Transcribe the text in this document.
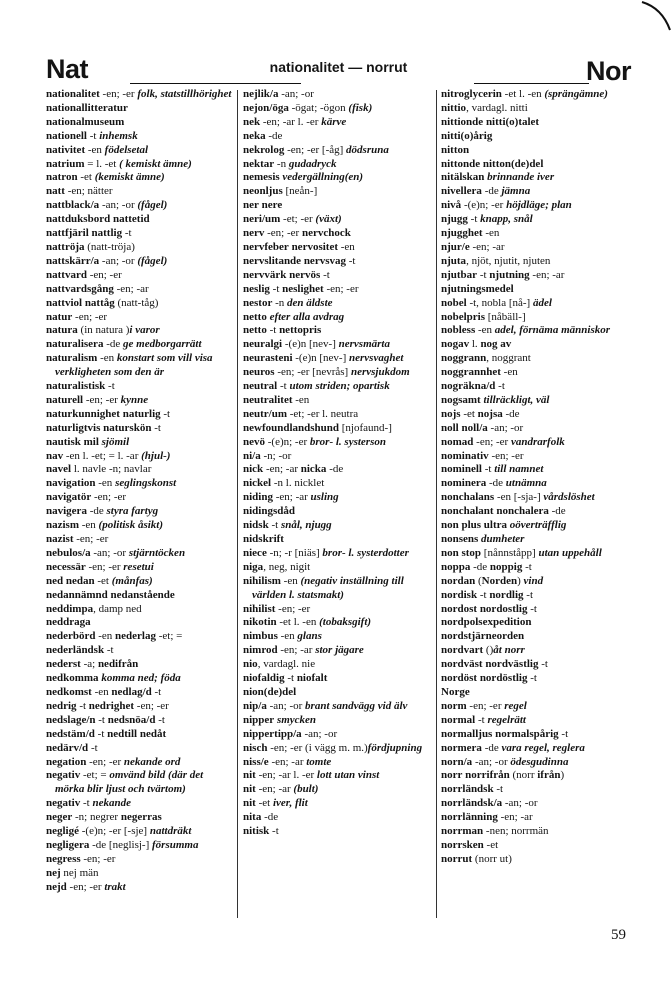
Nat	nationalitet — norrut	Nor
nationalitet -en; -er folk, statstillhörighet
nationallitteratur
nationalmuseum
nationell -t inhemsk
nativitet -en födelsetal
natrium = l. -et ( kemiskt ämne)
natron -et (kemiskt ämne)
natt -en; nätter
nattblack/a -an; -or (fågel)
nattduksbord nattetid
nattfjäril nattlig -t
nattröja (natt-tröja)
nattskärr/a -an; -or (fågel)
nattvard -en; -er
nattvardsgång -en; -ar
nattviol nattåg (natt-tåg)
natur -en; -er
natura (in natura )i varor
naturalisera -de ge medborgarrätt
naturalism -en konstart som vill visa verkligheten som den är
naturalistisk -t
naturell -en; -er kynne
naturkunnighet naturlig -t
naturligtvis naturskön -t
nautisk mil sjömil
nav -en l. -et; = l. -ar (hjul-)
navel l. navle -n; navlar
navigation -en seglingskonst
navigatör -en; -er
navigera -de styra fartyg
nazism -en (politisk åsikt)
nazist -en; -er
nebulos/a -an; -or stjärntöcken
necessär -en; -er resetui
ned nedan -et (månfas)
nedannämnd nedanstående
neddimpa, damp ned
neddraga
nederbörd -en nederlag -et; =
nederländsk -t
nederst -a; nedifrån
nedkomma komma ned; föda
nedkomst -en nedlag/d -t
nedrig -t nedrighet -en; -er
nedslage/n -t nedsnöa/d -t
nedstäm/d -t nedtill nedåt
nedärv/d -t
negation -en; -er nekande ord
negativ -et; = omvänd bild (där det mörka blir ljust och tvärtom)
negativ -t nekande
neger -n; negrer negerras
negligé -(e)n; -er [-sje] nattdräkt
negligera -de [neglisj-] försumma
negress -en; -er
nej nej män
nejd -en; -er trakt
nejlik/a -an; -or
nejon/öga -ögat; -ögon (fisk)
nek -en; -ar l. -er kärve
neka -de
nekrolog -en; -er [-åg] dödsruna
nektar -n gudadryck
nemesis vedergällning(en)
neonljus [neån-]
ner nere
neri/um -et; -er (växt)
nerv -en; -er nervchock
nervfeber nervositet -en
nervslitande nervsvag -t
nervvärk nervös -t
neslig -t neslighet -en; -er
nestor -n den äldste
netto efter alla avdrag
netto -t nettopris
neuralgi -(e)n [nev-] nervsmärta
neurasteni -(e)n [nev-] nervsvaghet
neuros -en; -er [nevrås] nervsjukdom
neutral -t utom striden; opartisk
neutralitet -en
neutr/um -et; -er l. neutra
newfoundlandshund [njofaund-]
nevö -(e)n; -er bror- l. systerson
ni/a -n; -or
nick -en; -ar nicka -de
nickel -n l. nicklet
niding -en; -ar usling
nidingsdåd
nidsk -t snål, njugg
nidskrift
niece -n; -r [niäs] bror- l. systerdotter
niga, neg, nigit
nihilism -en (negativ inställning till världen l. statsmakt)
nihilist -en; -er
nikotin -et l. -en (tobaksgift)
nimbus -en glans
nimrod -en; -ar stor jägare
nio, vardagl. nie
niofaldig -t niofalt
nion(de)del
nip/a -an; -or brant sandvägg vid älv
nipper smycken
nippertipp/a -an; -or
nisch -en; -er (i vägg m. m.)fördjupning
niss/e -en; -ar tomte
nit -en; -ar l. -er lott utan vinst
nit -en; -ar (bult)
nit -et iver, flit
nita -de
nitisk -t
nitroglycerin -et l. -en (sprängämne)
nittio, vardagl. nitti
nittionde nitti(o)talet
nitti(o)årig
nitton
nittonde nitton(de)del
nitälskan brinnande iver
nivellera -de jämna
nivå -(e)n; -er höjdläge; plan
njugg -t knapp, snål
njugghet -en
njur/e -en; -ar
njuta, njöt, njutit, njuten
njutbar -t njutning -en; -ar
njutningsmedel
nobel -t, nobla [nå-] ädel
nobelpris [nåbäll-]
nobless -en adel, förnäma människor
nogav l. nog av
noggrann, noggrant
noggrannhet -en
nogräkna/d -t
nogsamt tillräckligt, väl
nojs -et nojsa -de
noll noll/a -an; -or
nomad -en; -er vandrarfolk
nominativ -en; -er
nominell -t till namnet
nominera -de utnämna
nonchalans -en [-sja-] vårdslöshet
nonchalant nonchalera -de
non plus ultra oöverträfflig
nonsens dumheter
non stop [nånnståpp] utan uppehåll
noppa -de noppig -t
nordan (Norden) vind
nordisk -t nordlig -t
nordost nordostlig -t
nordpolsexpedition
nordstjärneorden
nordvart ()åt norr
nordväst nordvästlig -t
nordöst nordöstlig -t
Norge
norm -en; -er regel
normal -t regelrätt
normalljus normalspårig -t
normera -de vara regel, reglera
norn/a -an; -or ödesgudinna
norr norrifrån (norr ifrån)
norrländsk -t
norrländsk/a -an; -or
norrlänning -en; -ar
norrman -nen; norrmän
norrsken -et
norrut (norr ut)
59
